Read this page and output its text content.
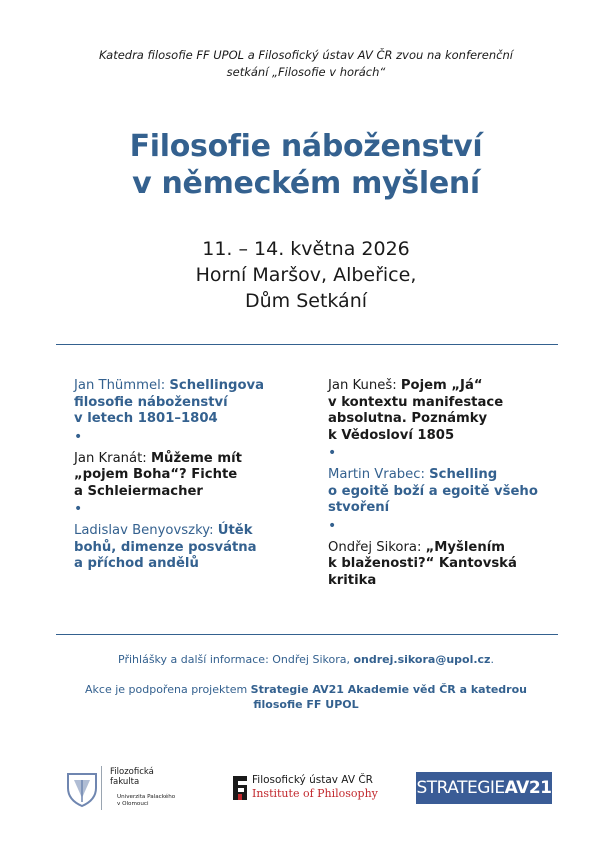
Katedra filosofie FF UPOL a Filosofický ústav AV ČR zvou na konferenční
setkání „Filosofie v horách“
Filosofie náboženství
v německém myšlení
11. – 14. května 2026
Horní Maršov, Albeřice,
Dům Setkání
Jan Thümmel: Schellingova
filosofie náboženství
v letech 1801–1804
•
Jan Kranát: Můžeme mít
„pojem Boha“? Fichte
a Schleiermacher
•
Ladislav Benyovszky: Útěk
bohů, dimenze posvátna
a příchod andělů
Jan Kuneš: Pojem „Já“
v kontextu manifestace
absolutna. Poznámky
k Vědosloví 1805
•
Martin Vrabec: Schelling
o egoitě boží a egoitě všeho
stvoření
•
Ondřej Sikora: „Myšlením
k blaženosti?“ Kantovská
kritika
Přihlášky a další informace: Ondřej Sikora, ondrej.sikora@upol.cz.
Akce je podpořena projektem Strategie AV21 Akademie věd ČR a katedrou
filosofie FF UPOL
Filozofická
fakulta
Univerzita Palackého
v Olomouci
Filosofický ústav AV ČR
Institute of Philosophy STRATEGIEAV21
